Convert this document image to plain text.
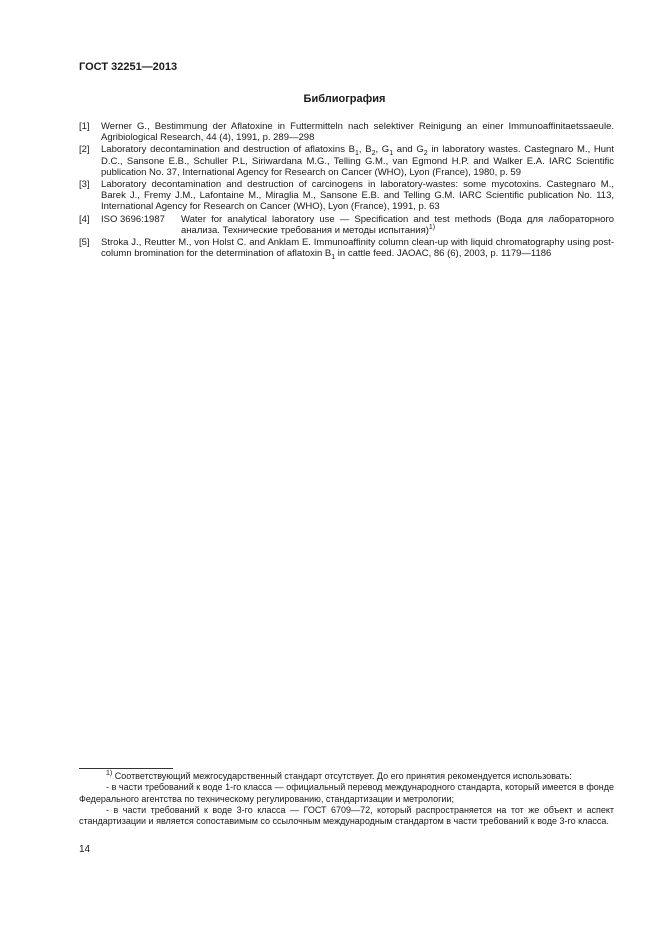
ГОСТ 32251—2013
Библиография
[1] Werner G., Bestimmung der Aflatoxine in Futtermitteln nach selektiver Reinigung an einer Immunoaffinitaetssaeule. Agribiological Research, 44 (4), 1991, p. 289—298
[2] Laboratory decontamination and destruction of aflatoxins $B_1$, $B_2$, $G_1$ and $G_2$ in laboratory wastes. Castegnaro M., Hunt D.C., Sansone E.B., Schuller P.L, Siriwardana M.G., Telling G.M., van Egmond H.P. and Walker E.A. IARC Scientific publication No. 37, International Agency for Research on Cancer (WHO), Lyon (France), 1980, p. 59
[3] Laboratory decontamination and destruction of carcinogens in laboratory-wastes: some mycotoxins. Castegnaro M., Barek J., Fremy J.M., Lafontaine M., Miraglia M., Sansone E.B. and Telling G.M. IARC Scientific publication No. 113, International Agency for Research on Cancer (WHO), Lyon (France), 1991, p. 63
[4] ISO 3696:1987	Water for analytical laboratory use — Specification and test methods (Вода для лабораторного анализа. Технические требования и методы испытания)$^{1)}$
[5] Stroka J., Reutter M., von Holst C. and Anklam E. Immunoaffinity column clean-up with liquid chromatography using post-column bromination for the determination of aflatoxin $B_1$ in cattle feed. JAOAC, 86 (6), 2003, p. 1179—1186

$^{1)}$ Соответствующий межгосударственный стандарт отсутствует. До его принятия рекомендуется использовать:

- в части требований к воде 1-го класса — официальный перевод международного стандарта, который имеется в фонде Федерального агентства по техническому регулированию, стандартизации и метрологии;

- в части требований к воде 3-го класса — ГОСТ 6709—72, который распространяется на тот же объект и аспект стандартизации и является сопоставимым со ссылочным международным стандартом в части требований к воде 3-го класса.

14
